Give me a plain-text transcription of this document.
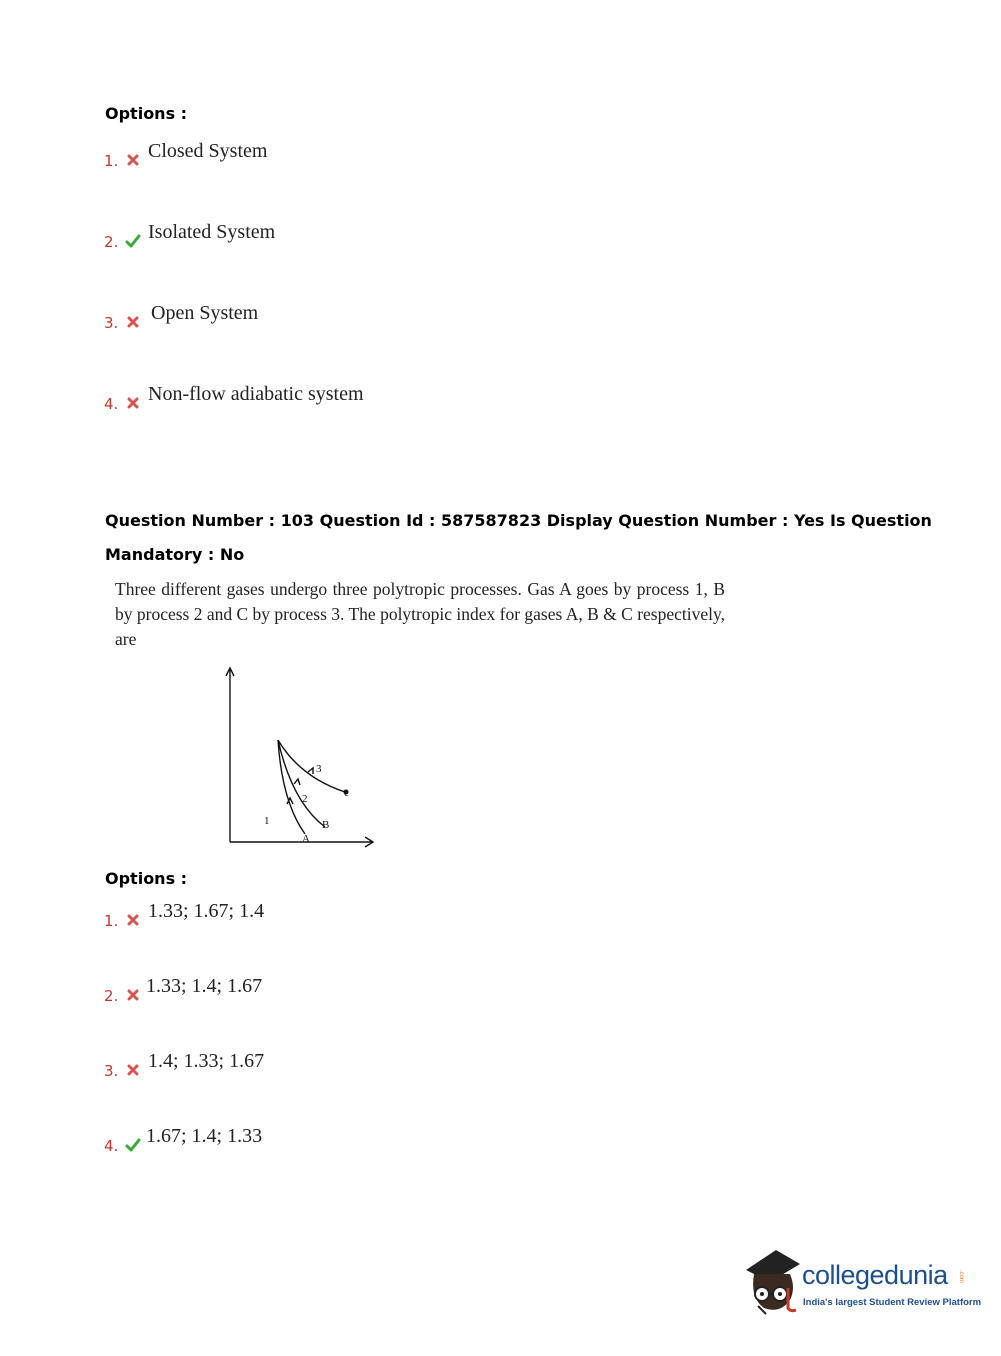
Options :
1. Closed System
2. Isolated System
3. Open System
4. Non-flow adiabatic system
Question Number : 103 Question Id : 587587823 Display Question Number : Yes Is Question
Mandatory : No
Three different gases undergo three polytropic processes. Gas A goes by process 1, B by process 2 and C by process 3. The polytropic index for gases A, B & C respectively, are
1
2
3
A
B
c
Options :
1. 1.33; 1.67; 1.4
2. 1.33; 1.4; 1.67
3. 1.4; 1.33; 1.67
4. 1.67; 1.4; 1.33
collegedunia .com
India's largest Student Review Platform
